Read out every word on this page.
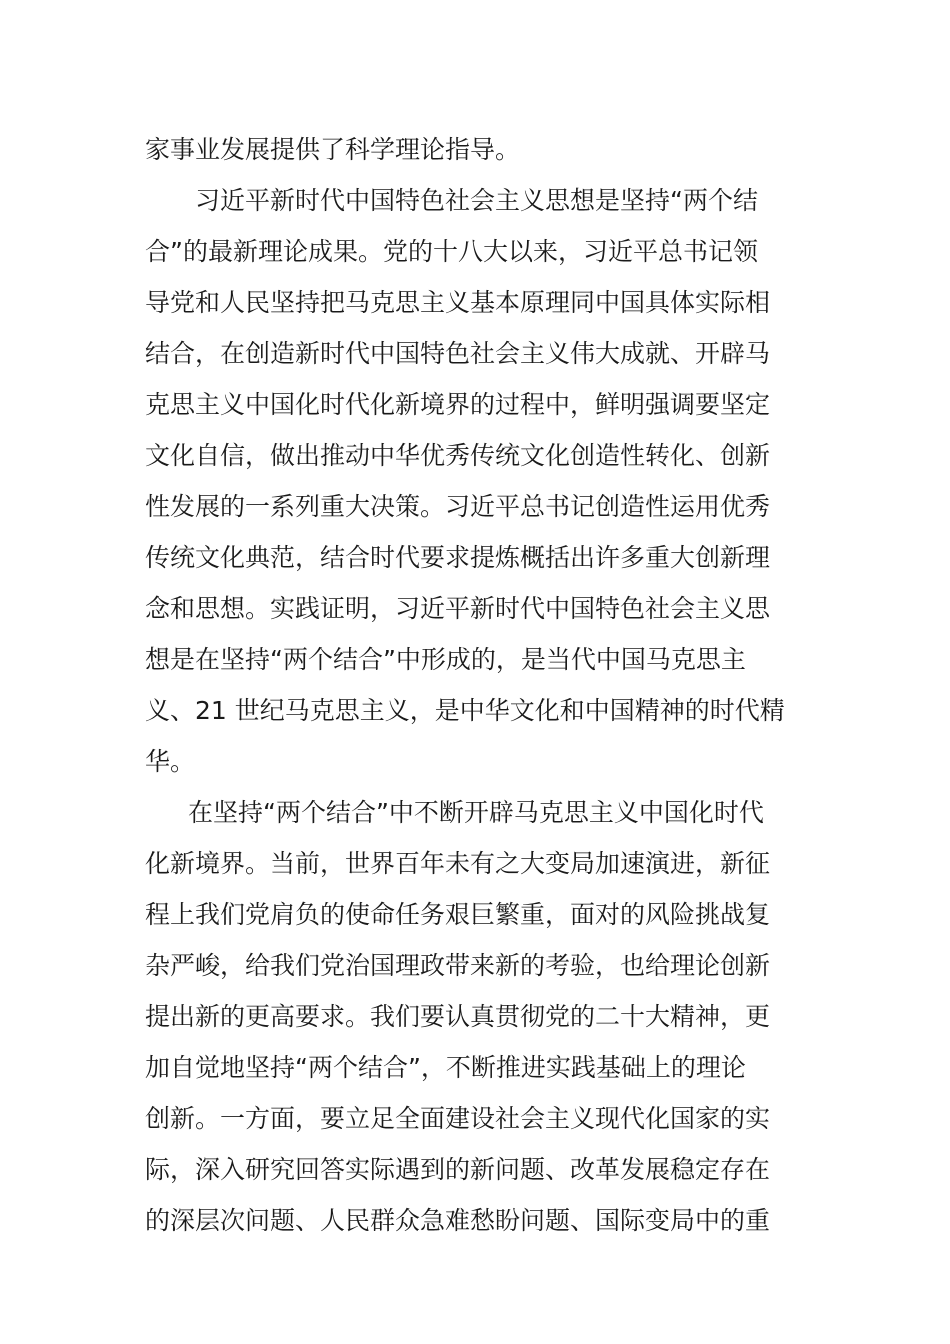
家事业发展提供了科学理论指导。
习近平新时代中国特色社会主义思想是坚持“两个结
合”的最新理论成果。党的十八大以来，习近平总书记领
导党和人民坚持把马克思主义基本原理同中国具体实际相
结合，在创造新时代中国特色社会主义伟大成就、开辟马
克思主义中国化时代化新境界的过程中，鲜明强调要坚定
文化自信，做出推动中华优秀传统文化创造性转化、创新
性发展的一系列重大决策。习近平总书记创造性运用优秀
传统文化典范，结合时代要求提炼概括出许多重大创新理
念和思想。实践证明，习近平新时代中国特色社会主义思
想是在坚持“两个结合”中形成的，是当代中国马克思主
义、21 世纪马克思主义，是中华文化和中国精神的时代精
华。
在坚持“两个结合”中不断开辟马克思主义中国化时代
化新境界。当前，世界百年未有之大变局加速演进，新征
程上我们党肩负的使命任务艰巨繁重，面对的风险挑战复
杂严峻，给我们党治国理政带来新的考验，也给理论创新
提出新的更高要求。我们要认真贯彻党的二十大精神，更
加自觉地坚持“两个结合”，不断推进实践基础上的理论
创新。一方面，要立足全面建设社会主义现代化国家的实
际，深入研究回答实际遇到的新问题、改革发展稳定存在
的深层次问题、人民群众急难愁盼问题、国际变局中的重
